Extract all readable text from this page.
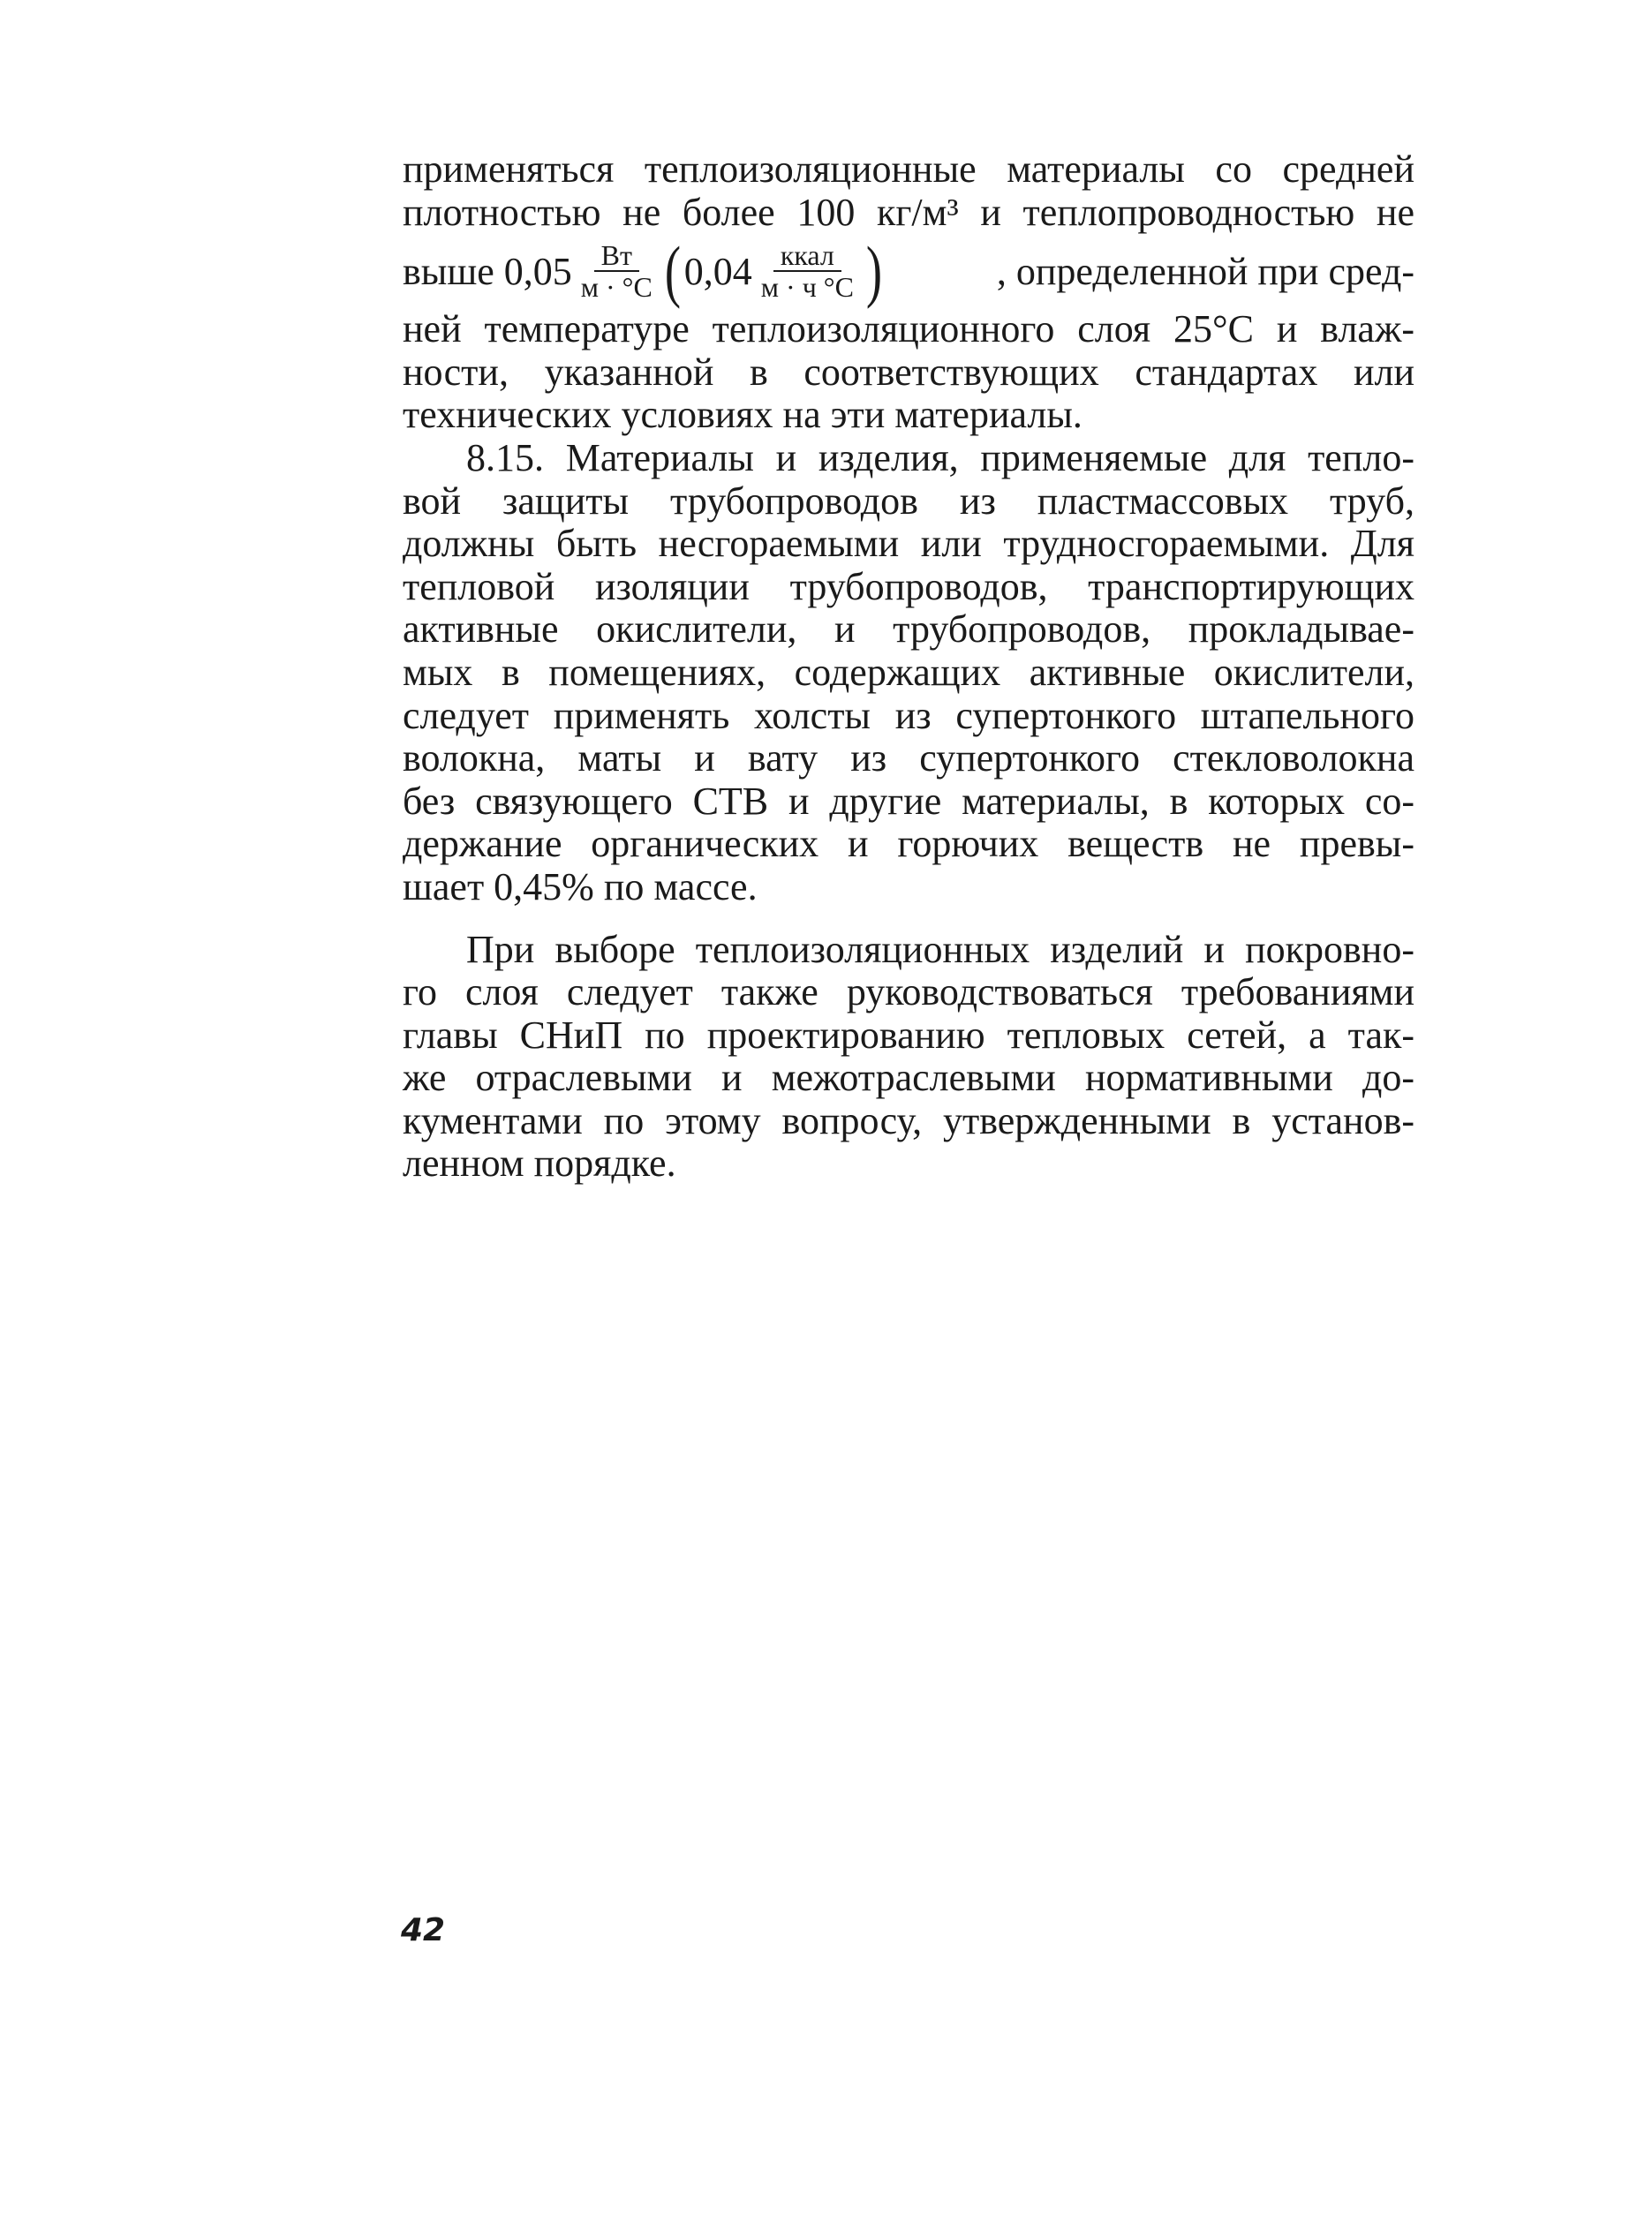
применяться теплоизоляционные материалы со средней
плотностью не более 100 кг/м³ и теплопроводностью не
выше $0,05 \frac{Вт}{м \cdot ^\circ C}$ ( $0,04 \frac{\text{ккал}}{м \cdot ч ^\circ C}$ )	, определенной при сред-
ней температуре теплоизоляционного слоя 25°C и влаж-
ности, указанной в соответствующих стандартах или
технических условиях на эти материалы.
8.15. Материалы и изделия, применяемые для тепло-
вой защиты трубопроводов из пластмассовых труб,
должны быть несгораемыми или трудносгораемыми. Для
тепловой изоляции трубопроводов, транспортирующих
активные окислители, и трубопроводов, прокладывае-
мых в помещениях, содержащих активные окислители,
следует применять холсты из супертонкого штапельного
волокна, маты и вату из супертонкого стекловолокна
без связующего СТВ и другие материалы, в которых со-
держание органических и горючих веществ не превы-
шает 0,45% по массе.
При выборе теплоизоляционных изделий и покровно-
го слоя следует также руководствоваться требованиями
главы СНиП по проектированию тепловых сетей, а так-
же отраслевыми и межотраслевыми нормативными до-
кументами по этому вопросу, утвержденными в установ-
ленном порядке.
42
